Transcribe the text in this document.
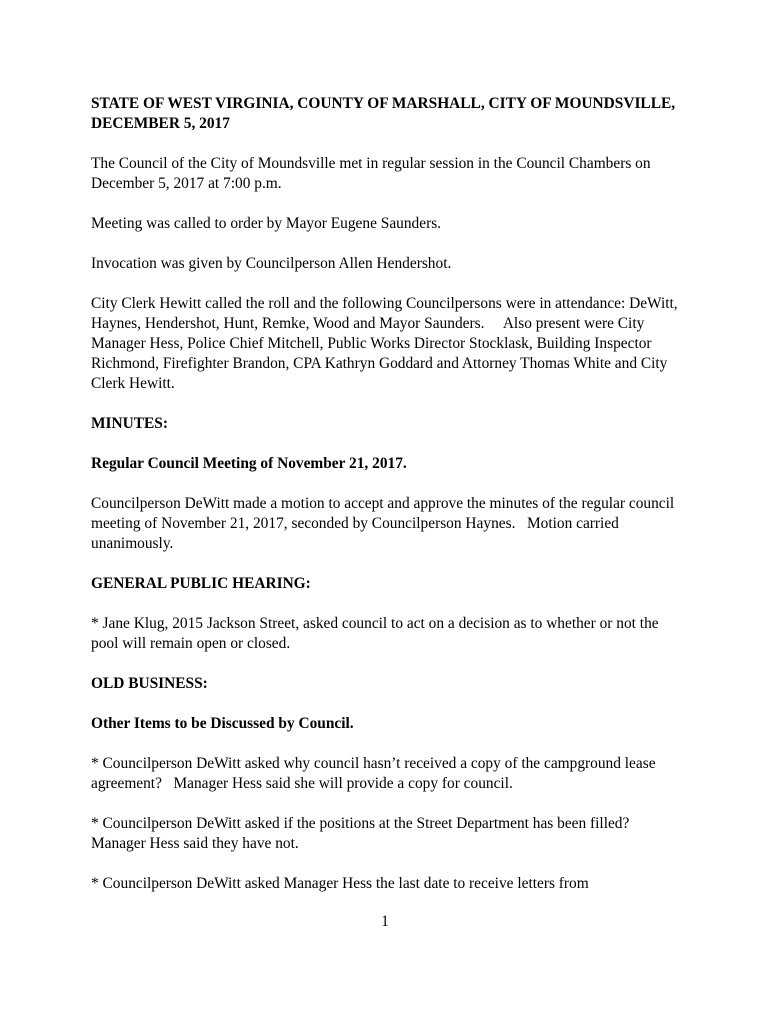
STATE OF WEST VIRGINIA, COUNTY OF MARSHALL, CITY OF MOUNDSVILLE, DECEMBER 5, 2017

The Council of the City of Moundsville met in regular session in the Council Chambers on December 5, 2017 at 7:00 p.m.

Meeting was called to order by Mayor Eugene Saunders.

Invocation was given by Councilperson Allen Hendershot.

City Clerk Hewitt called the roll and the following Councilpersons were in attendance: DeWitt, Haynes, Hendershot, Hunt, Remke, Wood and Mayor Saunders.     Also present were City Manager Hess, Police Chief Mitchell, Public Works Director Stocklask, Building Inspector Richmond, Firefighter Brandon, CPA Kathryn Goddard and Attorney Thomas White and City Clerk Hewitt.

MINUTES:

Regular Council Meeting of November 21, 2017.

Councilperson DeWitt made a motion to accept and approve the minutes of the regular council meeting of November 21, 2017, seconded by Councilperson Haynes.   Motion carried unanimously.

GENERAL PUBLIC HEARING:

* Jane Klug, 2015 Jackson Street, asked council to act on a decision as to whether or not the pool will remain open or closed.

OLD BUSINESS:

Other Items to be Discussed by Council.

* Councilperson DeWitt asked why council hasn’t received a copy of the campground lease agreement?   Manager Hess said she will provide a copy for council.

* Councilperson DeWitt asked if the positions at the Street Department has been filled? Manager Hess said they have not.

* Councilperson DeWitt asked Manager Hess the last date to receive letters from

1
